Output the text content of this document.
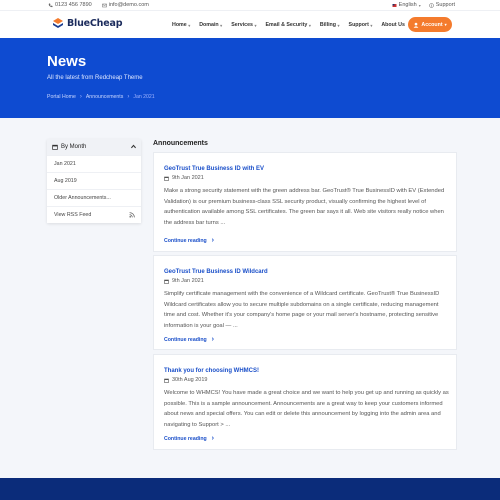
0123 456 7890	info@demo.com	English ▾	Support
BlueCheap	Home ▾ Domain ▾ Services ▾ Email & Security ▾ Billing ▾ Support ▾ About Us	Account ▾
News
All the latest from Redcheap Theme
Portal Home › Announcements › Jan 2021
By Month
Jan 2021
Aug 2019
Older Announcements...
View RSS Feed
Announcements
GeoTrust True Business ID with EV
9th Jan 2021
Make a strong security statement with the green address bar. GeoTrust® True BusinessID with EV (Extended Validation) is our premium business-class SSL security product, visually confirming the highest level of authentication available among SSL certificates. The green bar says it all. Web site visitors really notice when the address bar turns ...
Continue reading ›
GeoTrust True Business ID Wildcard
9th Jan 2021
Simplify certificate management with the convenience of a Wildcard certificate. GeoTrust® True BusinessID Wildcard certificates allow you to secure multiple subdomains on a single certificate, reducing management time and cost. Whether it's your company's home page or your mail server's hostname, protecting sensitive information is your goal — ...
Continue reading ›
Thank you for choosing WHMCS!
30th Aug 2019
Welcome to WHMCS! You have made a great choice and we want to help you get up and running as quickly as possible. This is a sample announcement. Announcements are a great way to keep your customers informed about news and special offers. You can edit or delete this announcement by logging into the admin area and navigating to Support > ...
Continue reading ›
